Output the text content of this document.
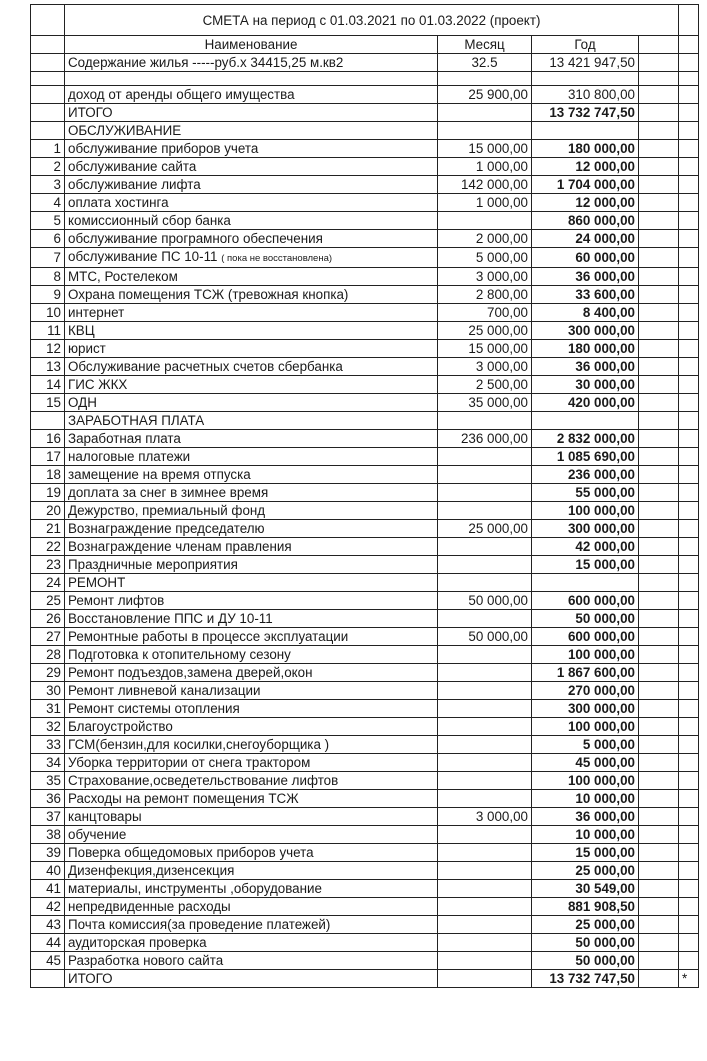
	СМЕТА на период с 01.03.2021 по 01.03.2022 (проект)				
	Наименование	Месяц	Год		
	Содержание жилья -----руб.х 34415,25 м.кв2	32.5	13 421 947,50		

	доход от аренды общего имущества	25 900,00	310 800,00		
	ИТОГО		13 732 747,50		
	ОБСЛУЖИВАНИЕ				
1	обслуживание приборов учета	15 000,00	180 000,00		
2	обслуживание сайта	1 000,00	12 000,00		
3	обслуживание лифта	142 000,00	1 704 000,00		
4	оплата хостинга	1 000,00	12 000,00		
5	комиссионный сбор банка		860 000,00		
6	обслуживание програмного обеспечения	2 000,00	24 000,00		
7	обслуживание ПС 10-11 ( пока не восстановлена)	5 000,00	60 000,00		
8	МТС, Ростелеком	3 000,00	36 000,00		
9	Охрана помещения ТСЖ (тревожная кнопка)	2 800,00	33 600,00		
10	интернет	700,00	8 400,00		
11	КВЦ	25 000,00	300 000,00		
12	юрист	15 000,00	180 000,00		
13	Обслуживание расчетных счетов сбербанка	3 000,00	36 000,00		
14	ГИС ЖКХ	2 500,00	30 000,00		
15	ОДН	35 000,00	420 000,00		
	ЗАРАБОТНАЯ ПЛАТА				
16	Заработная плата	236 000,00	2 832 000,00		
17	налоговые платежи		1 085 690,00		
18	замещение на время отпуска		236 000,00		
19	доплата за снег в зимнее время		55 000,00		
20	Дежурство, премиальный фонд		100 000,00		
21	Вознаграждение председателю	25 000,00	300 000,00		
22	Вознаграждение членам правления		42 000,00		
23	Праздничные мероприятия		15 000,00		
24	РЕМОНТ				
25	Ремонт лифтов	50 000,00	600 000,00		
26	Восстановление ППС и ДУ 10-11		50 000,00		
27	Ремонтные работы в процессе эксплуатации	50 000,00	600 000,00		
28	Подготовка к отопительному сезону		100 000,00		
29	Ремонт подъездов,замена дверей,окон		1 867 600,00		
30	Ремонт ливневой канализации		270 000,00		
31	Ремонт системы отопления		300 000,00		
32	Благоустройство		100 000,00		
33	ГСМ(бензин,для косилки,снегоуборщика )		5 000,00		
34	Уборка территории от снега трактором		45 000,00		
35	Страхование,осведетельствование лифтов		100 000,00		
36	Расходы на ремонт помещения ТСЖ		10 000,00		
37	канцтовары	3 000,00	36 000,00		
38	обучение		10 000,00		
39	Поверка общедомовых приборов учета		15 000,00		
40	Дизенфекция,дизенсекция		25 000,00		
41	материалы, инструменты ,оборудование		30 549,00		
42	непредвиденные расходы		881 908,50		
43	Почта комиссия(за проведение платежей)		25 000,00		
44	аудиторская проверка		50 000,00		
45	Разработка нового сайта		50 000,00		
	ИТОГО		13 732 747,50		*
